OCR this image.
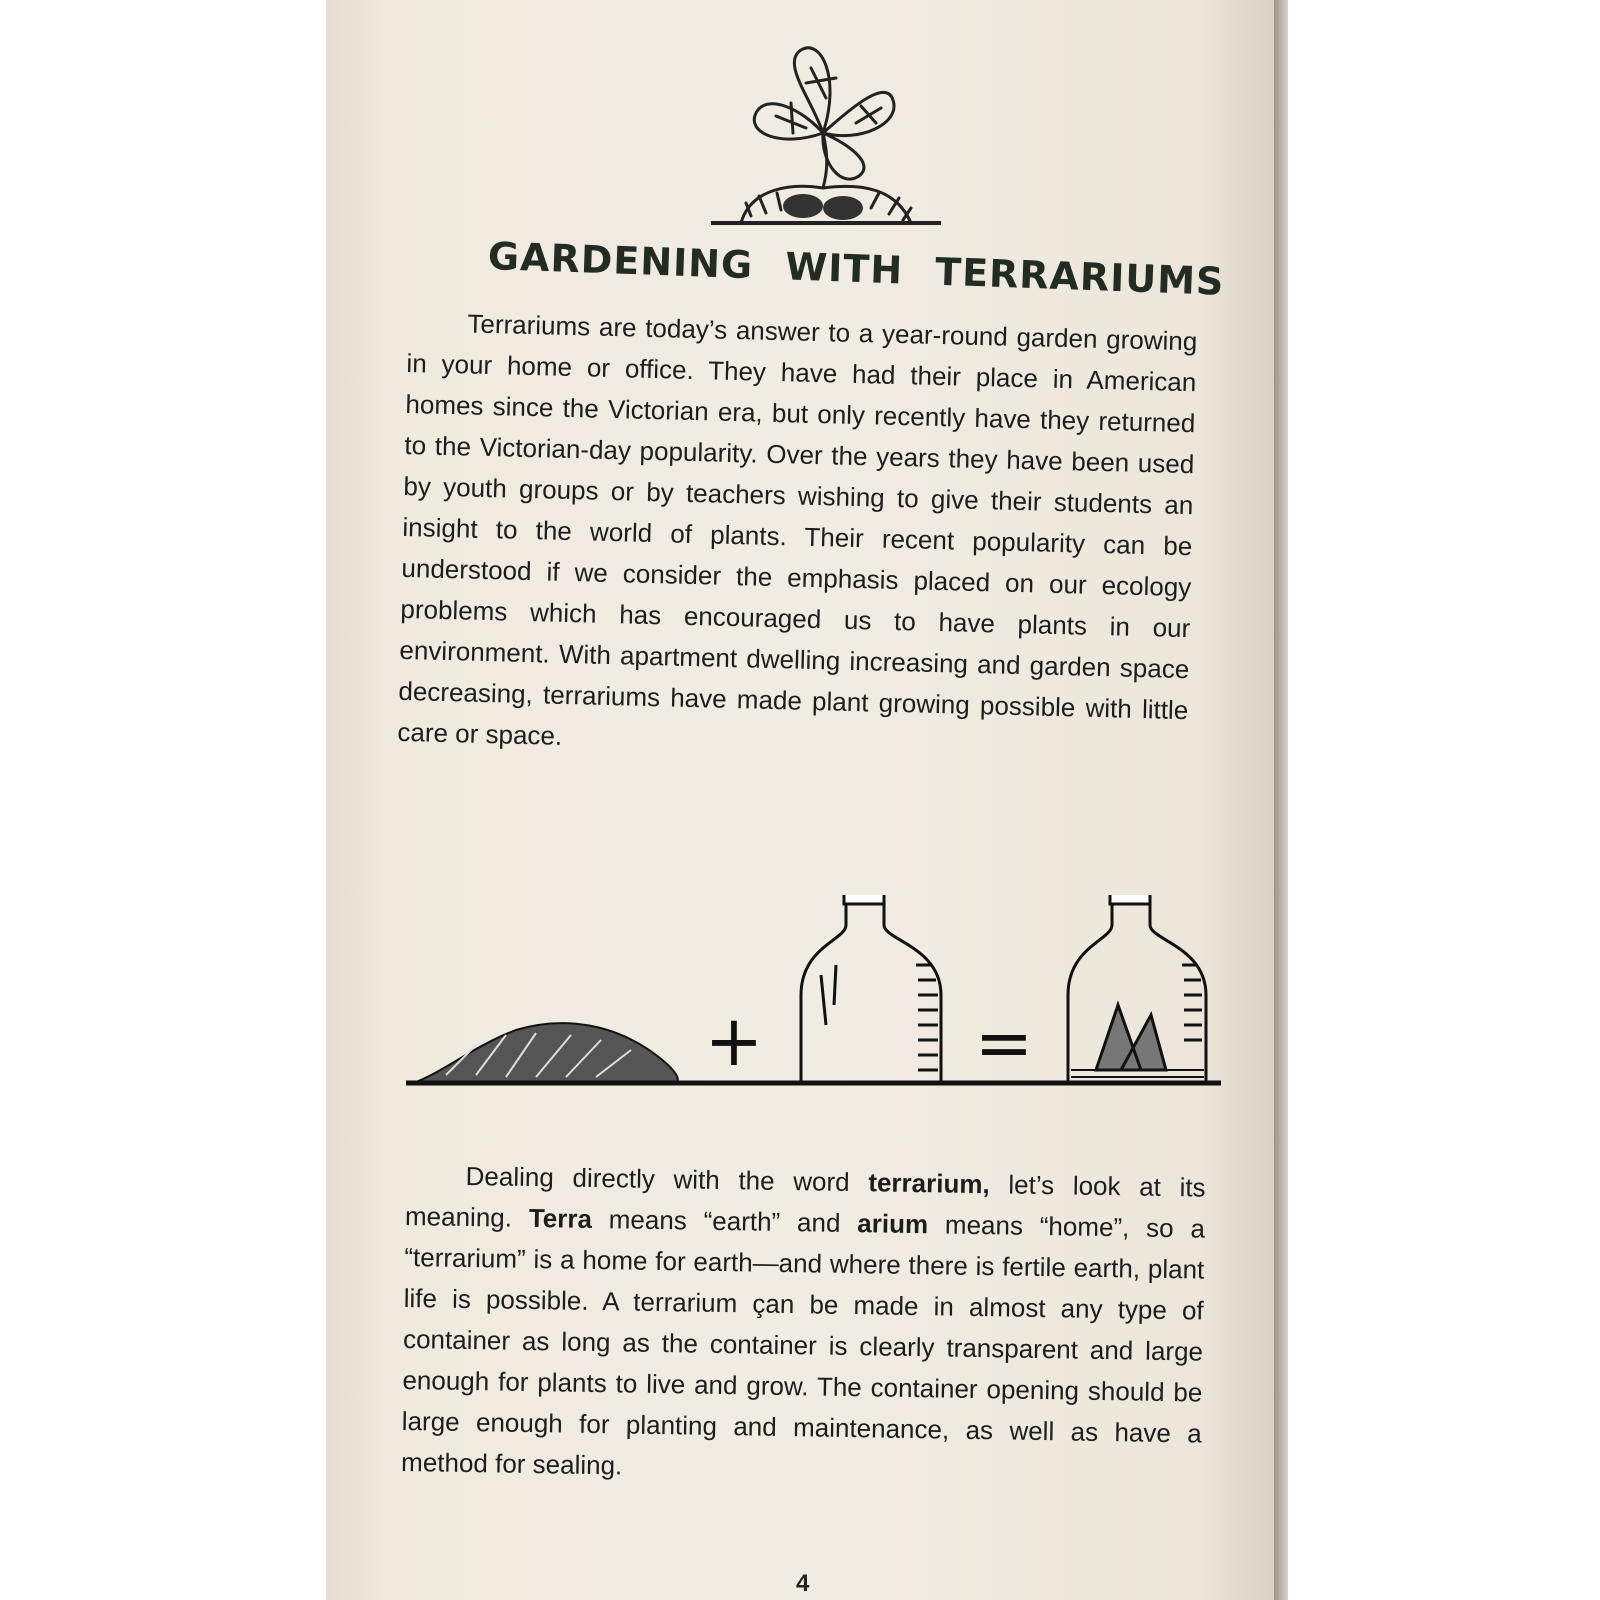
GARDENING WITH TERRARIUMS

Terrariums are today’s answer to a year-round garden growing in your home or office. They have had their place in American homes since the Victorian era, but only recently have they returned to the Victorian-day popularity. Over the years they have been used by youth groups or by teachers wishing to give their students an insight to the world of plants. Their recent popularity can be understood if we consider the emphasis placed on our ecology problems which has encouraged us to have plants in our environment. With apartment dwelling increasing and garden space decreasing, terrariums have made plant growing possible with little care or space.

+	=

Dealing directly with the word terrarium, let’s look at its meaning. Terra means “earth” and arium means “home”, so a “terrarium” is a home for earth—and where there is fertile earth, plant life is possible. A terrarium çan be made in almost any type of container as long as the container is clearly transparent and large enough for plants to live and grow. The container opening should be large enough for planting and maintenance, as well as have a method for sealing.

4
